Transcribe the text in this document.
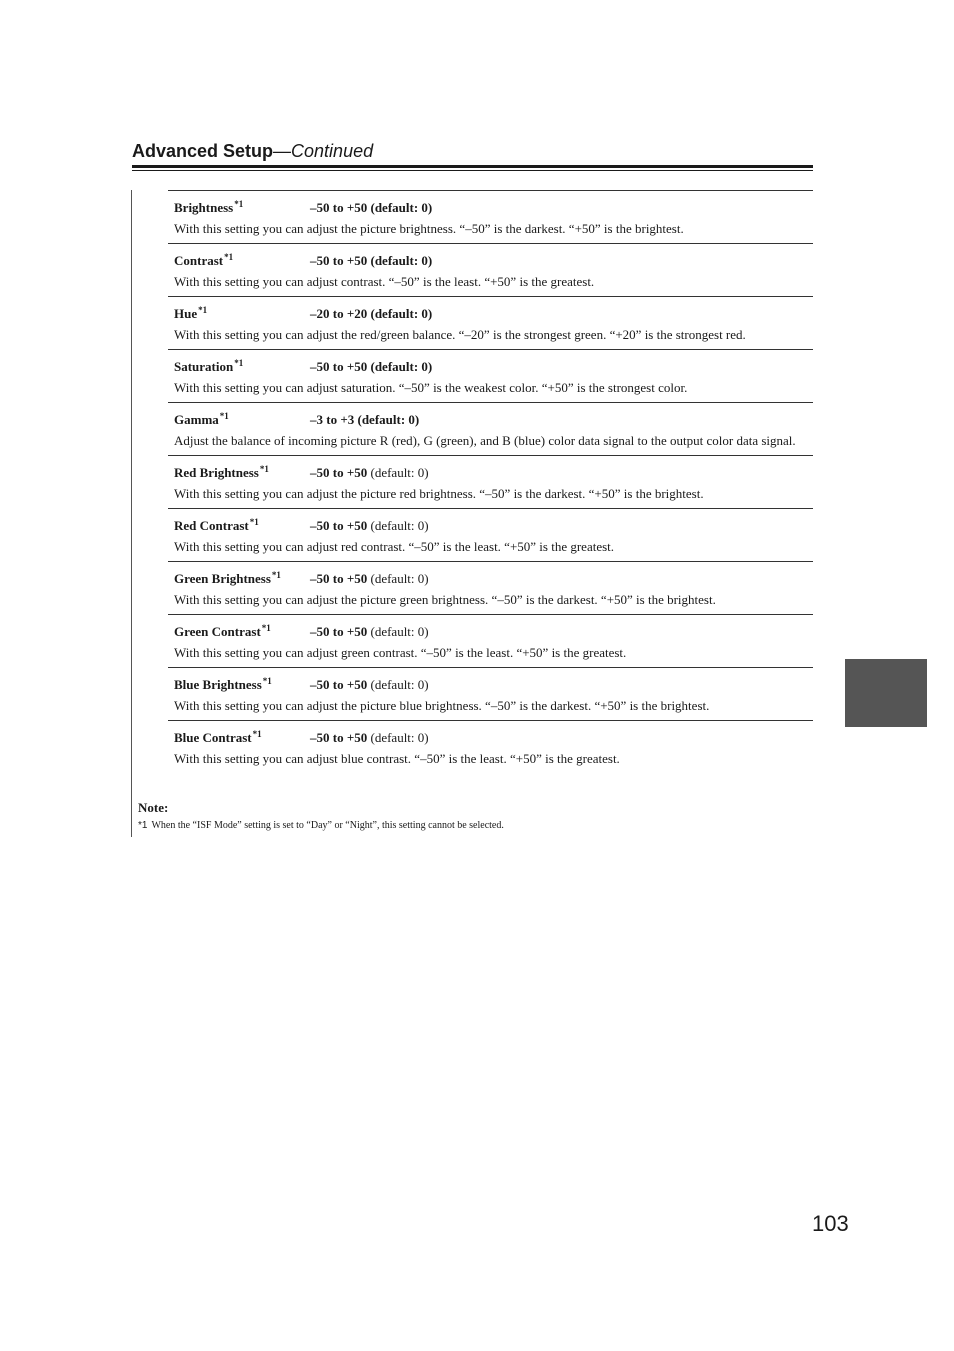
Advanced Setup—Continued
Brightness$^{*1}$	–50 to +50 (default: 0)
With this setting you can adjust the picture brightness. “–50” is the darkest. “+50” is the brightest.
Contrast$^{*1}$	–50 to +50 (default: 0)
With this setting you can adjust contrast. “–50” is the least. “+50” is the greatest.
Hue$^{*1}$	–20 to +20 (default: 0)
With this setting you can adjust the red/green balance. “–20” is the strongest green. “+20” is the strongest red.
Saturation$^{*1}$	–50 to +50 (default: 0)
With this setting you can adjust saturation. “–50” is the weakest color. “+50” is the strongest color.
Gamma$^{*1}$	–3 to +3 (default: 0)
Adjust the balance of incoming picture R (red), G (green), and B (blue) color data signal to the output color data signal.
Red Brightness$^{*1}$	–50 to +50 (default: 0)
With this setting you can adjust the picture red brightness. “–50” is the darkest. “+50” is the brightest.
Red Contrast$^{*1}$	–50 to +50 (default: 0)
With this setting you can adjust red contrast. “–50” is the least. “+50” is the greatest.
Green Brightness$^{*1}$	–50 to +50 (default: 0)
With this setting you can adjust the picture green brightness. “–50” is the darkest. “+50” is the brightest.
Green Contrast$^{*1}$	–50 to +50 (default: 0)
With this setting you can adjust green contrast. “–50” is the least. “+50” is the greatest.
Blue Brightness$^{*1}$	–50 to +50 (default: 0)
With this setting you can adjust the picture blue brightness. “–50” is the darkest. “+50” is the brightest.
Blue Contrast$^{*1}$	–50 to +50 (default: 0)
With this setting you can adjust blue contrast. “–50” is the least. “+50” is the greatest.
Note:
*1 When the “ISF Mode” setting is set to “Day” or “Night”, this setting cannot be selected.
103
